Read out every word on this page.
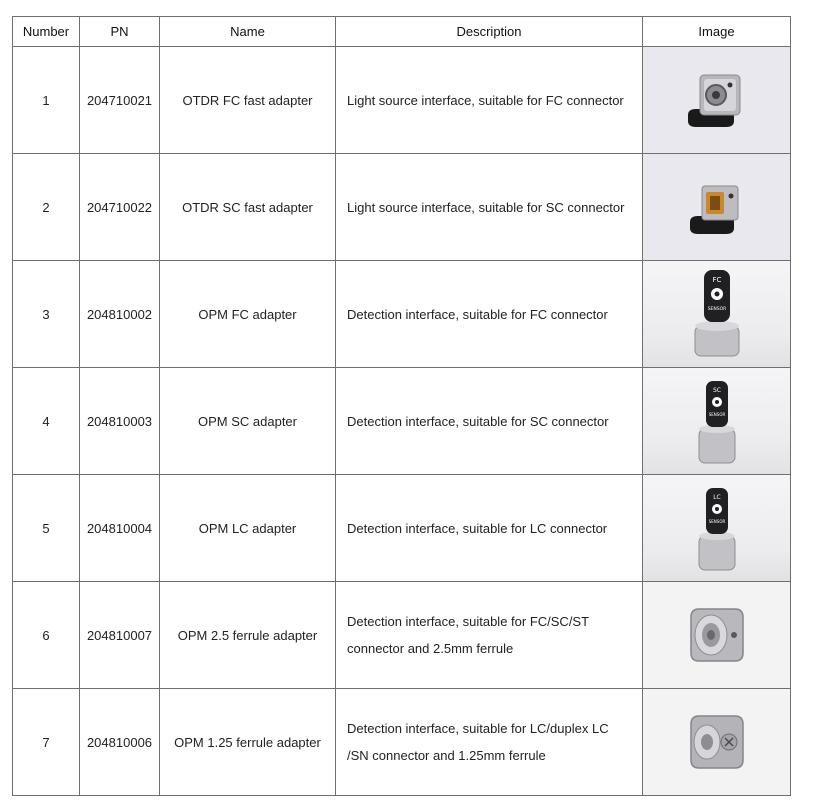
Number	PN	Name	Description	Image
1	204710021	OTDR FC fast adapter	Light source interface, suitable for FC connector	

2	204710022	OTDR SC fast adapter	Light source interface, suitable for SC connector	

3	204810002	OPM FC adapter	Detection interface, suitable for FC connector	FC
SENSOR

4	204810003	OPM SC adapter	Detection interface, suitable for SC connector	SC
SENSOR

5	204810004	OPM LC adapter	Detection interface, suitable for LC connector	LC
SENSOR

6	204810007	OPM 2.5 ferrule adapter	Detection interface, suitable for FC/SC/ST
connector and 2.5mm ferrule

7	204810006	OPM 1.25 ferrule adapter	Detection interface, suitable for LC/duplex LC
/SN connector and 1.25mm ferrule
